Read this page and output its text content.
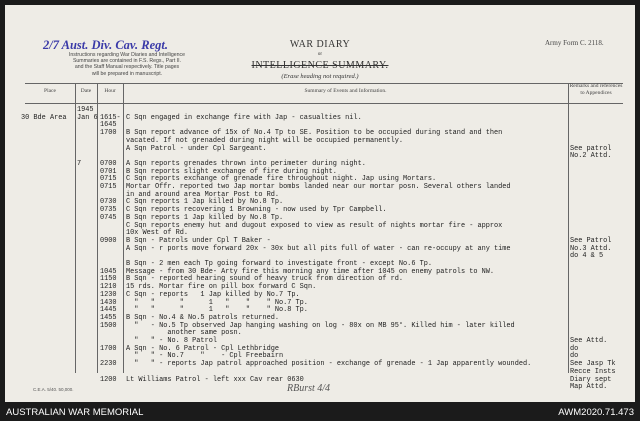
2/7 Aust. Div. Cav. Regt.
Instructions regarding War Diaries and Intelligence
Summaries are contained in F.S. Regs., Part II.
and the Staff Manual respectively. Title pages
will be prepared in manuscript.
WAR DIARY
or
INTELLIGENCE SUMMARY.
(Erase heading not required.)
Army Form C. 2118.
Place	Date	Hour	Summary of Events and Information.
Remarks and references to Appendices
1945
30 Bde Area	Jan 6 1615- C Sqn engaged in exchange fire with Jap - casualties nil.
1645
1700	B Sqn report advance of 15x of No.4 Tp to SE. Position to be occupied during stand and then
vacated. If not grenaded during night will be occupied permanently.
A Sqn Patrol - under Cpl Sargeant.	See patrol
No.2 Attd.
7	0700	A Sqn reports grenades thrown into perimeter during night.
0701	B Sqn reports slight exchange of fire during night.
0715	C Sqn reports exchange of grenade fire throughout night. Jap using Mortars.
0715	Mortar Offr. reported two Jap mortar bombs landed near our mortar posn. Several others landed
in and around area Mortar Post to Rd.
0730	C Sqn reports 1 Jap killed by No.8 Tp.
0735	C Sqn reports recovering 1 Browning - now used by Tpr Campbell.
0745	B Sqn reports 1 Jap killed by No.8 Tp.
C Sqn reports enemy hut and dugout exposed to view as result of nights mortar fire - approx
10x West of Rd.
0900	B Sqn - Patrols under Cpl T Baker -	See Patrol
A Sqn - r ports move forward 20x - 30x but all pits full of water - can re-occupy at any time	No.3 Attd.
do 4 & 5
B Sqn - 2 men each Tp going forward to investigate front - except No.6 Tp.
1045	Message - from 30 Bde- Arty fire this morning any time after 1045 on enemy patrols to NW.
1150	B Sqn - reported hearing sound of heavy truck from direction of rd.
1210	15 rds. Mortar fire on pill box forward C Sqn.
1230	C Sqn - reports   1 Jap killed by No.7 Tp.
1430	"   "      "      1   "    "    " No.7 Tp.
1445	"   "      "      1   "    "    " No.8 Tp.
1455	B Sqn - No.4 & No.5 patrols returned.
1500	"   - No.5 Tp observed Jap hanging washing on log - 80x on MB 95°. Killed him - later killed
another same posn.
"   " - No. 8 Patrol	See Attd.
1700	A Sqn - No. 6 Patrol - Cpl Lethbridge	do
"   " - No.7    "    - Cpl Freebairn	do
2230	"   " - reports Jap patrol approached position - exchange of grenade - 1 Jap apparently wounded.	See Jasp Tk
Recce Insts
1200	Lt Williams Patrol - left xxx Cav rear 0630	Diary sept
Map Attd.
C.E.A. 5/40. 50,000.	RBurst 4/4
AUSTRALIAN WAR MEMORIAL	AWM2020.71.473
